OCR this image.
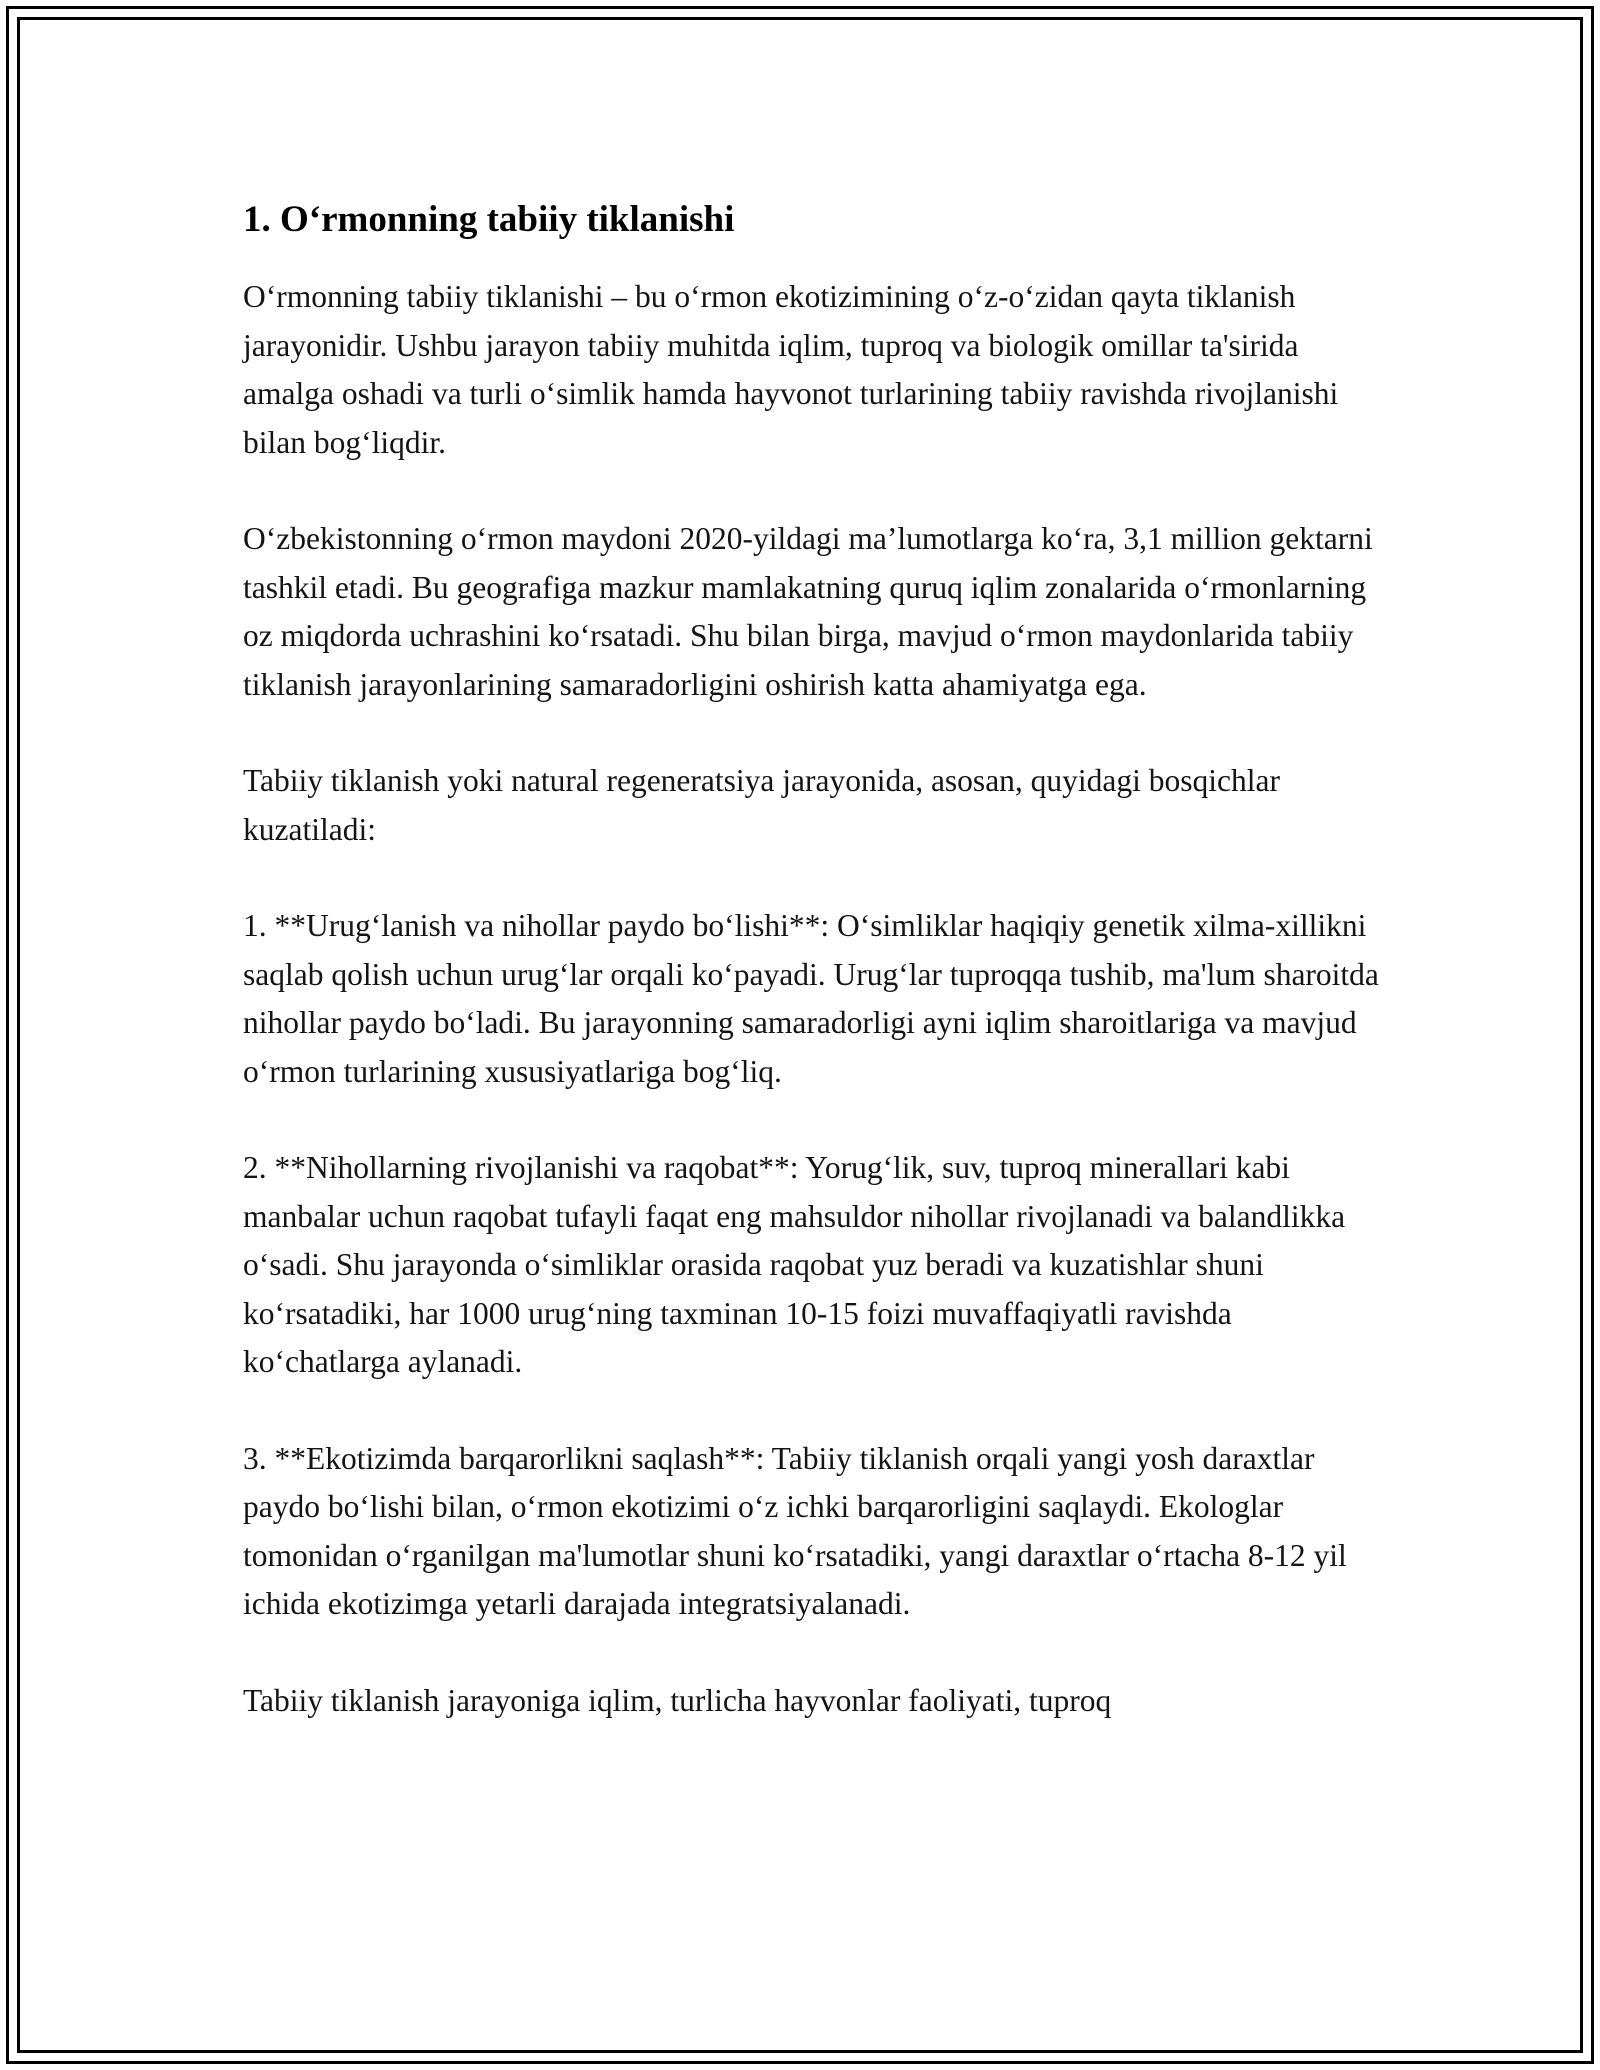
1. O‘rmonning tabiiy tiklanishi

O‘rmonning tabiiy tiklanishi – bu o‘rmon ekotizimining o‘z-o‘zidan qayta tiklanish jarayonidir. Ushbu jarayon tabiiy muhitda iqlim, tuproq va biologik omillar ta'sirida amalga oshadi va turli o‘simlik hamda hayvonot turlarining tabiiy ravishda rivojlanishi bilan bog‘liqdir.

O‘zbekistonning o‘rmon maydoni 2020-yildagi ma’lumotlarga ko‘ra, 3,1 million gektarni tashkil etadi. Bu geografiga mazkur mamlakatning quruq iqlim zonalarida o‘rmonlarning oz miqdorda uchrashini ko‘rsatadi. Shu bilan birga, mavjud o‘rmon maydonlarida tabiiy tiklanish jarayonlarining samaradorligini oshirish katta ahamiyatga ega.

Tabiiy tiklanish yoki natural regeneratsiya jarayonida, asosan, quyidagi bosqichlar kuzatiladi:

1. **Urug‘lanish va nihollar paydo bo‘lishi**: O‘simliklar haqiqiy genetik xilma-xillikni saqlab qolish uchun urug‘lar orqali ko‘payadi. Urug‘lar tuproqqa tushib, ma'lum sharoitda nihollar paydo bo‘ladi. Bu jarayonning samaradorligi ayni iqlim sharoitlariga va mavjud o‘rmon turlarining xususiyatlariga bog‘liq.

2. **Nihollarning rivojlanishi va raqobat**: Yorug‘lik, suv, tuproq minerallari kabi manbalar uchun raqobat tufayli faqat eng mahsuldor nihollar rivojlanadi va balandlikka o‘sadi. Shu jarayonda o‘simliklar orasida raqobat yuz beradi va kuzatishlar shuni ko‘rsatadiki, har 1000 urug‘ning taxminan 10-15 foizi muvaffaqiyatli ravishda ko‘chatlarga aylanadi.

3. **Ekotizimda barqarorlikni saqlash**: Tabiiy tiklanish orqali yangi yosh daraxtlar paydo bo‘lishi bilan, o‘rmon ekotizimi o‘z ichki barqarorligini saqlaydi. Ekologlar tomonidan o‘rganilgan ma'lumotlar shuni ko‘rsatadiki, yangi daraxtlar o‘rtacha 8-12 yil ichida ekotizimga yetarli darajada integratsiyalanadi.

Tabiiy tiklanish jarayoniga iqlim, turlicha hayvonlar faoliyati, tuproq
